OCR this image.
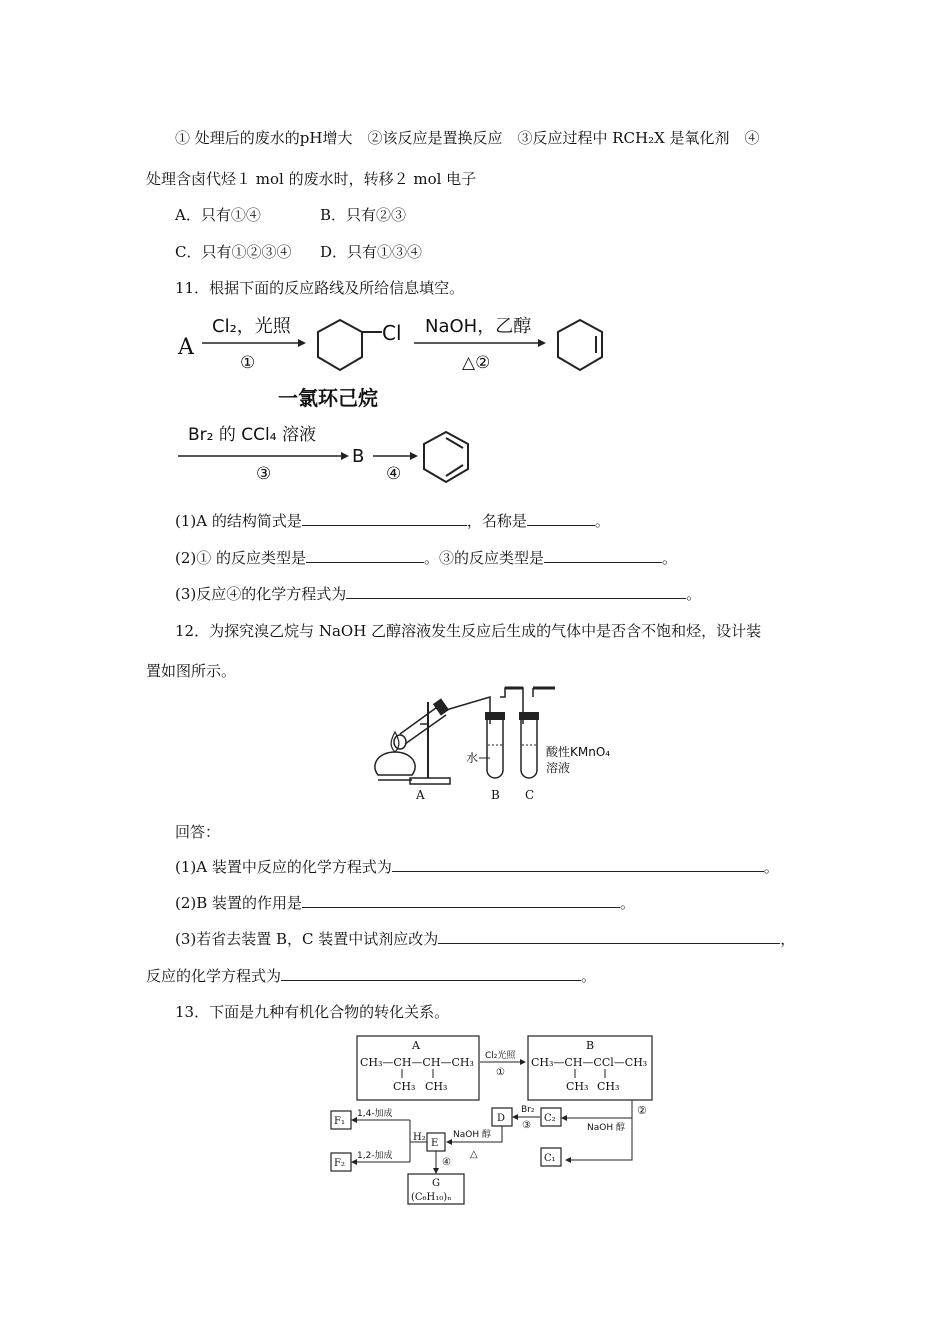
① 处理后的废水的pH增大　②该反应是置换反应　③反应过程中 RCH₂X 是氧化剂　④
处理含卤代烃１ mol 的废水时，转移２ mol 电子
A．只有①④	B．只有②③
C．只有①②③④ D．只有①③④
11．根据下面的反应路线及所给信息填空。
A
Cl₂，光照
①
Cl
一氯环己烷
NaOH，乙醇
△②
Br₂ 的 CCl₄ 溶液
③
B
④
(1)A 的结构简式是	，名称是	。
(2)① 的反应类型是	。③的反应类型是	。
(3)反应④的化学方程式为	。
12．为探究溴乙烷与 NaOH 乙醇溶液发生反应后生成的气体中是否含不饱和烃，设计装
置如图所示。
水	酸性KMnO₄
溶液
A	B C
回答：
(1)A 装置中反应的化学方程式为	。
(2)B 装置的作用是	。
(3)若省去装置 B，C 装置中试剂应改为	，
反应的化学方程式为	。
13．下面是九种有机化合物的转化关系。
A
CH₃—CH—CH—CH₃
CH₃ CH₃
Cl₂光照
①
B
CH₃—CH—CCl—CH₃
CH₃ CH₃
②
NaOH 醇
C₂
C₁
Br₂
③
D
NaOH 醇
△
E
H₂
1,4-加成
1,2-加成
F₁
F₂	④
G
(C₆H₁₀)ₙ
